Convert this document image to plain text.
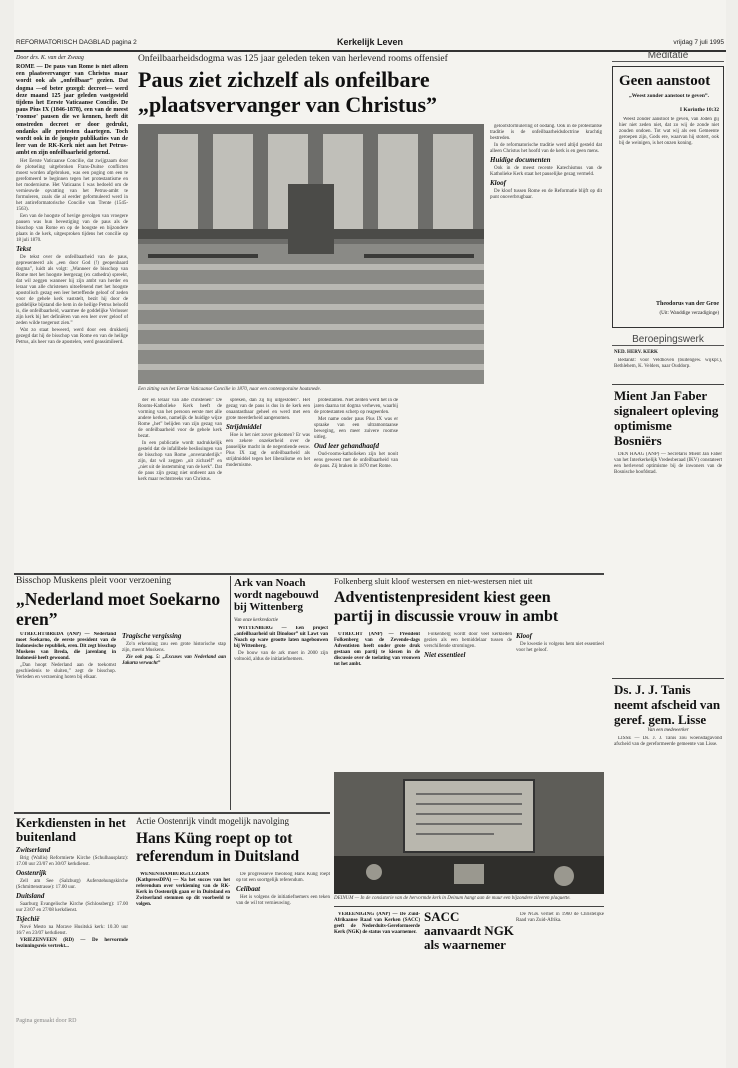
REFORMATORISCH DAGBLAD pagina 2	Kerkelijk Leven	vrijdag 7 juli 1995
Door drs. K. van der Zwaag	Onfeilbaarheidsdogma was 125 jaar geleden teken van herlevend rooms offensief
Paus ziet zichzelf als onfeilbare
„plaatsvervanger van Christus”

ROME — De paus van Rome is niet alleen een plaatsvervanger van Christus maar wordt ook als „onfeilbaar” gezien. Dat dogma —of beter gezegd: decreet— werd deze maand 125 jaar geleden vastgesteld tijdens het Eerste Vaticaanse Concilie. De paus Pius IX (1846-1878), een van de meest 'roomse' pausen die we kennen, heeft dit omstreden decreet er door gedrukt, ondanks alle protesten daartegen. Toch wordt ook in de jongste publikaties van de leer van de RK-Kerk niet aan het Petrus-ambt en zijn onfeilbaarheid getornd.

Het Eerste Vaticaanse Concilie, dat zwijgzaam door de plotseling uitgebroken Frans-Duitse conflicten moest worden afgebroken, was een poging om een te gerefomeerd te beginnen tegen het protestantisme en het modernisme. Het Vaticaans I was bedoeld om de vernieuwde opvatting van het Petrus-ambt te formuleren, zoals die al eerder geformuleerd werd in het antireformatorische Concilie van Trente (1545-1563).

Een van de hoogste of hevige gevolgen van vroegere pausen was hun bevestiging van de paus als de bisschop van Rome en op de hoogste en bijzondere plaats in de kerk, uitgesproken tijdens het concilie op 18 juli 1870.

Tekst

De tekst over de onfeilbaarheid van de paus, gepresenteerd als „een door God (!) geopenbaard dogma”, luidt als volgt: „Wanneer de bisschop van Rome met het hoogste leergezag (ex cathedra) spreekt, dat wil zeggen wanneer hij zijn ambt van herder en leraar van alle christenen uitoefenend met het hoogste apostolisch gezag een leer betreffende geloof of zeden voor de gehele kerk vaststelt, bezit hij door de goddelijke bijstand die hem in de heilige Petrus beloofd is, die onfeilbaarheid, waarmee de goddelijke Verlosser zijn kerk bij het definiëren van een leer over geloof of zeden wilde toegerust zien.”

Wat zo staat beweerd, werd door een drukkerij gezegd dat hij de bisschop van Rome en van de heilige Petrus, als heer van de apostelen, werd geassimileerd.

Een zitting van het Eerste Vaticaanse Concilie in 1870, naar een contemporaine houtsnede.

der en leraar van alle christenen” De Rooms-Katholieke Kerk heeft de vorming van het persoon eerste met alle andere kerken, namelijk de huidige wijze Rome „het” belijden van zijn gezag van de onfeilbaarheid voor de gehele kerk bezat.

In een publicatie wordt nadrukkelijk gesteld dat de infallibele beslissingen van de bisschop van Rome „onveranderlijk” zijn, dat wil zeggen „uit zichzelf” en „niet uit de instemming van de kerk”. Dat de paus zijn gezag niet ontleent aan de kerk maar rechtstreeks van Christus.

spreken, dan zij hij uitgesloten”. Het gezag van de paus is dus in de kerk een onaantastbaar geheel en werd met een grote meerderheid aangenomen.

Strijdmiddel

Hoe is het niet zover gekomen? Er was een zekere onzekerheid over de pauselijke macht in de negentiende eeuw. Pius IX zag de onfeilbaarheid als strijdmiddel tegen het liberalisme en het modernisme.

protestanten. Niet zelden werd het in de jaren daarna tot dogma verheven, waarbij de protestanten scherp op reageerden.

Met name onder paus Pius IX was er spraake van een ultramontaanse beweging, een meer zuivere roomse uitleg.

Oud leer gehandhaafd

Oud-rooms-katholieken zijn het nooit eens geweest met de onfeilbaarheid van de paus. Zij braken in 1870 met Rome.

geloofsformulering of oodang. Ook in de protestantse traditie is de onfeilbaarheidsdoctrine krachtig bestreden.

In de reformatorische traditie werd altijd gesteld dat alleen Christus het hoofd van de kerk is en geen mens.

Huidige documenten

Ook in de meest recente Katechismus van de Katholieke Kerk staat het pauselijke gezag vermeld.

Kloof

De kloof tussen Rome en de Reformatie blijft op dit punt onoverbrugbaar.

Meditatie
Geen aanstoot
„Weest zonder aanstoot te geven”.
I Korinthe 10:32

Weest zonder aanstoot te geven, van Joden gij hier niet zeden niet, dat zo wij de zonde niet zouden ondoen. Tot wat wij als een Gemeente geroepen zijn, Gods ere, waarvan hij stotert, ook bij de weinigen, is het onzen koning.

Theodorus van der Groe
(Uit: Wanddige verzadiginge)
Beroepingswerk
NED. HERV. KERK

Bedankt: voor Veldhoven (buitengew. wijkpr.), Bethlehem, K. Velders, naar Ouddorp.

Mient Jan Faber signaleert opleving optimisme Bosniërs

DEN HAAG (ANP) — Secretaris Mient Jan Faber van het Interkerkelijk Vredesberaad (IKV) constateert een herlevend optimisme bij de inwoners van de Bosnische hoofdstad.

Ds. J. J. Tanis neemt afscheid van geref. gem. Lisse
Van een medewerker

LISSE — Ds. J. J. Tanis zou woensdagavond afscheid van de gereformeerde gemeente van Lisse.

Bisschop Muskens pleit voor verzoening
„Nederland moet Soekarno eren”

UTRECHT/BREDA (ANP) — Nederland moet Soekarno, de eerste president van de Indonesische republiek, eren. Dit zegt bisschop Muskens van Breda, die jarenlang in Indonesië heeft gewoond.

„Dan hoopt Nederland aan de toekomst geschiedenis te sluiten,” zegt de bisschop. Verleden en verzoening horen bij elkaar.

Tragische vergissing

Zo'n erkenning zou een grote historische stap zijn, meent Muskens.

Zie ook pag. 5: „Excuses van Nederland aan Jakarta verwacht”

Ark van Noach wordt nagebouwd bij Wittenberg
Van onze kerkredactie

WITTENBERG — Een project „onfeilbaarheid uit Dinoloor” uit Lawt van Noach op ware grootte laten nagebouwen bij Wittenberg.

De bouw van de ark moet in 2000 zijn voltooid, aldus de initiatiefnemers.

Folkenberg sluit kloof westersen en niet-westersen niet uit
Adventistenpresident kiest geen
partij in discussie vrouw in ambt

UTRECHT (ANP) — President Folkenberg van de Zevende-dags Adventisten heeft onder grote druk gestaan om partij te kiezen in de discussie over de toelating van vrouwen tot het ambt.

Folkenberg wordt door veel kerkleden gezien als een bemiddelaar tussen de verschillende stromingen.

Niet essentieel

Kloof

De kwestie is volgens hem niet essentieel voor het geloof.

DEINUM — In de consistorie van de hervormde kerk in Deinum hangt aan de muur een bijzondere zilveren plaquette.
Kerkdiensten in het buitenland

Zwitserland

Brig (Wallis) Reformierte Kirche (Schulhausplatz): 17.00 uur 23/07 en 30/07 kerkdienst.

Oostenrijk

Zell am See (Salzburg) Auferstehungskirche (Schmittenstrasse): 17.00 uur.

Duitsland

Saarburg Evangelische Kirche (Schlossberg): 17.00 uur 23/07 en 27/08 kerkdienst.

Tsjechië

Nové Mesto na Morave Husitská kerk: 10.30 uur 16/7 en 23/07 kerkdienst.

VRIEZENVEEN (RD) — De hervormde bezinningsreis vertrekt...

Actie Oostenrijk vindt mogelijk navolging
Hans Küng roept op tot referendum in Duitsland

WENEN/HAMBURG/LUZERN (KathpressDPA) — Na het succes van het referendum over verkieming van de RK-Kerk in Oostenrijk gaan er in Duitsland en Zwitserland stemmen op dit voorbeeld te volgen.

De progressieve theoloog Hans Küng roept op tot een soortgelijk referendum.

Celibaat

Het is volgens de initiatiefnemers een teken van de wil tot vernieuwing.

VEREENIGING (ANP) — De Zuid-Afrikaanse Raad van Kerken (SACC) geeft de Nederduits-Gereformeerde Kerk (NGK) de status van waarnemer.

SACC aanvaardt NGK als waarnemer

De NGK verliet in 1960 de Christelijke Raad van Zuid-Afrika.

Pagina gemaakt door RD
